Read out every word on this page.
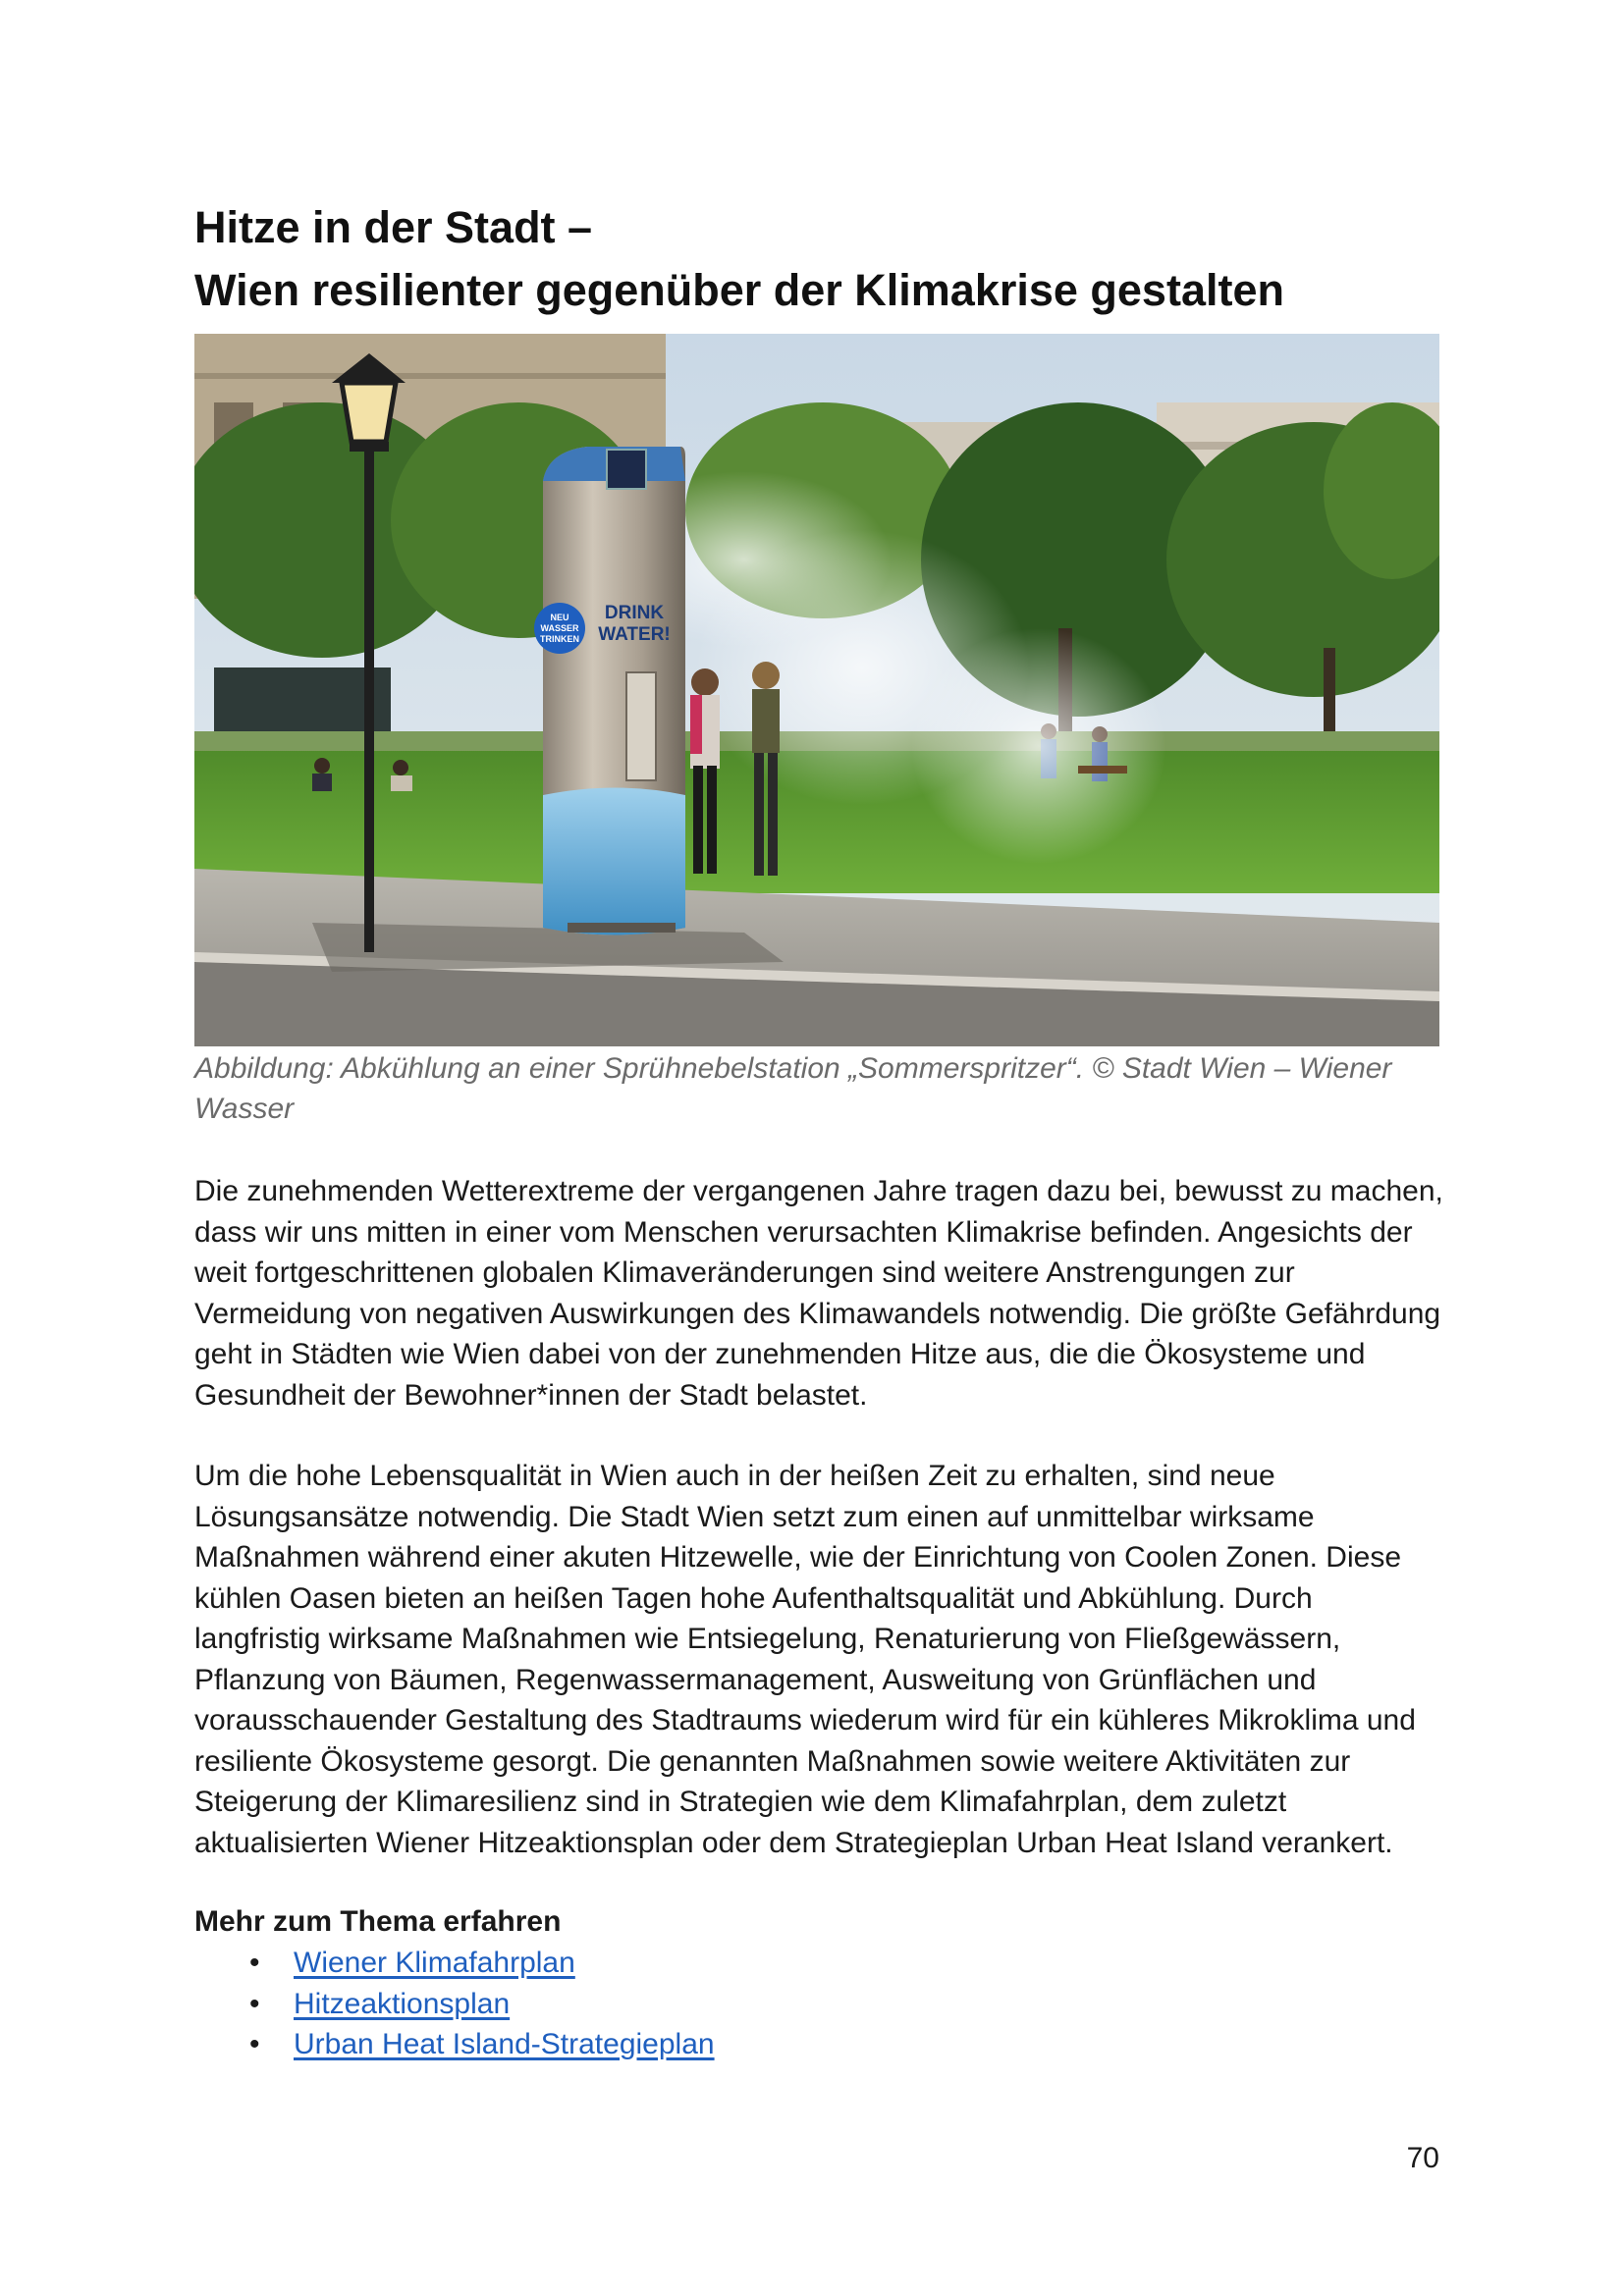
Hitze in der Stadt –
Wien resilienter gegenüber der Klimakrise gestalten
NEU
WASSER
TRINKEN
DRINK
WATER!

Abbildung: Abkühlung an einer Sprühnebelstation „Sommerspritzer“. © Stadt Wien – Wiener Wasser

Die zunehmenden Wetterextreme der vergangenen Jahre tragen dazu bei, bewusst zu machen, dass wir uns mitten in einer vom Menschen verursachten Klimakrise befinden. Angesichts der weit fortgeschrittenen globalen Klimaveränderungen sind weitere Anstrengungen zur Vermeidung von negativen Auswirkungen des Klimawandels notwendig. Die größte Gefährdung geht in Städten wie Wien dabei von der zunehmenden Hitze aus, die die Ökosysteme und Gesundheit der Bewohner*innen der Stadt belastet.

Um die hohe Lebensqualität in Wien auch in der heißen Zeit zu erhalten, sind neue Lösungsansätze notwendig. Die Stadt Wien setzt zum einen auf unmittelbar wirksame Maßnahmen während einer akuten Hitzewelle, wie der Einrichtung von Coolen Zonen. Diese kühlen Oasen bieten an heißen Tagen hohe Aufenthaltsqualität und Abkühlung. Durch langfristig wirksame Maßnahmen wie Entsiegelung, Renaturierung von Fließgewässern, Pflanzung von Bäumen, Regenwassermanagement, Ausweitung von Grünflächen und vorausschauender Gestaltung des Stadtraums wiederum wird für ein kühleres Mikroklima und resiliente Ökosysteme gesorgt. Die genannten Maßnahmen sowie weitere Aktivitäten zur Steigerung der Klimaresilienz sind in Strategien wie dem Klimafahrplan, dem zuletzt aktualisierten Wiener Hitzeaktionsplan oder dem Strategieplan Urban Heat Island verankert.

Mehr zum Thema erfahren

• Wiener Klimafahrplan
• Hitzeaktionsplan
• Urban Heat Island-Strategieplan

70
